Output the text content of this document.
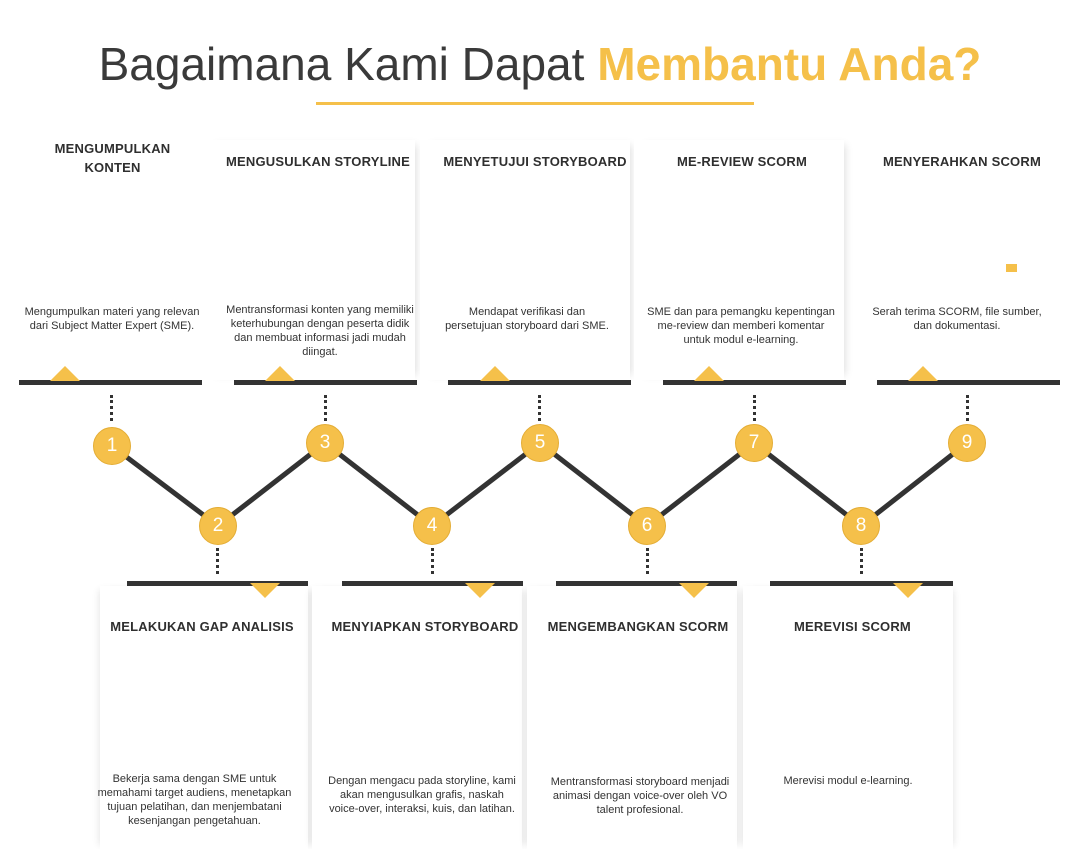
Bagaimana Kami Dapat Membantu Anda?
MENGUMPULKAN KONTEN
Mengumpulkan materi yang relevan dari Subject Matter Expert (SME).
1
2
MELAKUKAN GAP ANALISIS
Bekerja sama dengan SME untuk memahami target audiens, menetapkan tujuan pelatihan, dan menjembatani kesenjangan pengetahuan.
MENGUSULKAN STORYLINE
Mentransformasi konten yang memiliki keterhubungan dengan peserta didik dan membuat informasi jadi mudah diingat.
3
4
MENYIAPKAN STORYBOARD
Dengan mengacu pada storyline, kami akan mengusulkan grafis, naskah voice-over, interaksi, kuis, dan latihan.
MENYETUJUI STORYBOARD
Mendapat verifikasi dan persetujuan storyboard dari SME.
5
6
MENGEMBANGKAN SCORM
Mentransformasi storyboard menjadi animasi dengan voice-over oleh VO talent profesional.
ME-REVIEW SCORM
SME dan para pemangku kepentingan me-review dan memberi komentar untuk modul e-learning.
7
8
MEREVISI SCORM
Merevisi modul e-learning.
MENYERAHKAN SCORM
Serah terima SCORM, file sumber, dan dokumentasi.
9
